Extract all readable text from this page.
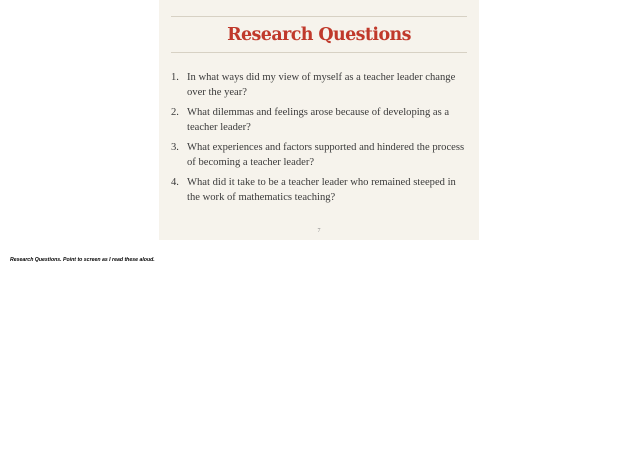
Research Questions
1. In what ways did my view of myself as a teacher leader change over the year?
2. What dilemmas and feelings arose because of developing as a teacher leader?
3. What experiences and factors supported and hindered the process of becoming a teacher leader?
4. What did it take to be a teacher leader who remained steeped in the work of mathematics teaching?
7
Research Questions. Point to screen as I read these aloud.
